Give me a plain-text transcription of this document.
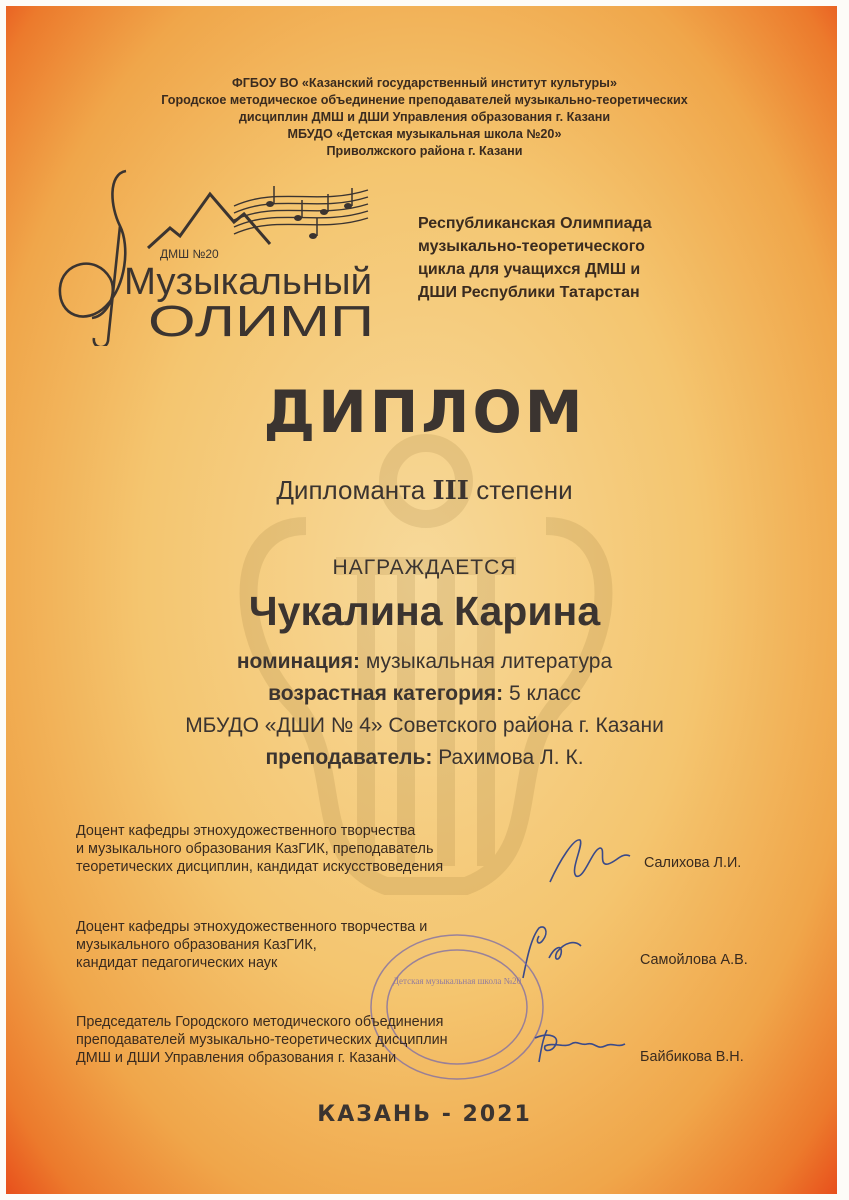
ФГБОУ ВО «Казанский государственный институт культуры»
Городское методическое объединение преподавателей музыкально-теоретических
дисциплин ДМШ и ДШИ Управления образования г. Казани
МБУДО «Детская музыкальная школа №20»
Приволжского района г. Казани
ДМШ №20
Музыкальный
ОЛИМП
Республиканская Олимпиада
музыкально-теоретического
цикла для учащихся ДМШ и
ДШИ Республики Татарстан
ДИПЛОМ
Дипломанта III степени
НАГРАЖДАЕТСЯ
Чукалина Карина
номинация: музыкальная литература
возрастная категория: 5 класс
МБУДО «ДШИ № 4» Советского района г. Казани
преподаватель: Рахимова Л. К.
Доцент кафедры этнохудожественного творчества
и музыкального образования КазГИК, преподаватель
теоретических дисциплин, кандидат искусствоведения	Салихова Л.И.
Доцент кафедры этнохудожественного творчества и
музыкального образования КазГИК,
кандидат педагогических наук	Самойлова А.В.
Детская музыкальная школа №20
Председатель Городского методического объединения
преподавателей музыкально-теоретических дисциплин
ДМШ и ДШИ Управления образования г. Казани	Байбикова В.Н.
КАЗАНЬ - 2021
